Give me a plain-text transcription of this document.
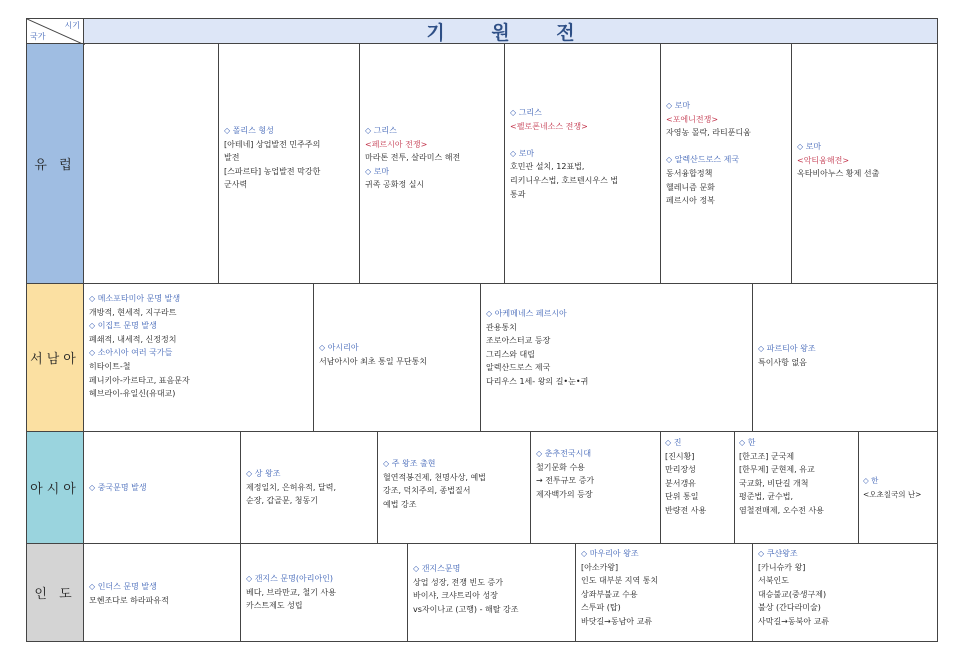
시기
국가	기 원 전
유 럽
서남아
아시아
인 도
◇ 폴리스 형성
[아테네] 상업발전 민주주의
발전
[스파르타] 농업발전 막강한
군사력
◇ 그리스
<페르시아 전쟁>
마라톤 전투, 살라미스 해전
◇ 로마
귀족 공화정 실시
◇ 그리스
<펠로폰네소스 전쟁>

◇ 로마
호민관 설치, 12표법,
리키니우스법, 호르텐시우스 법
통과
◇ 로마
<포에니전쟁>
자영농 몰락, 라티푼디움

◇ 알렉산드로스 제국
동서융합정책
헬레니즘 문화
페르시아 정복
◇ 로마
<악티움해전>
옥타비아누스 황제 선출
◇ 메소포타미아 문명 발생
개방적, 현세적, 지구라트
◇ 이집트 문명 발생
폐쇄적, 내세적, 신정정치
◇ 소아시아 여러 국가들
히타이트-철
페니키아-카르타고, 표음문자
헤브라이-유일신(유대교)
◇ 아시리아
서남아시아 최초 통일 무단통치
◇ 아케메네스 페르시아
관용통치
조로아스터교 등장
그리스와 대립
알렉산드로스 제국
다리우스 1세- 왕의 길•눈•귀
◇ 파르티아 왕조
특이사항 없음
◇ 중국문명 발생
◇ 상 왕조
제정일치, 은허유적, 달력,
순장, 갑골문, 청동기
◇ 주 왕조 출현
혈연적봉건제, 천명사상, 예법
강조, 덕치주의, 종법질서
예법 강조
◇ 춘추전국시대
철기문화 수용
→ 전투규모 증가
제자백가의 등장
◇ 진
[진시황]
만리장성
분서갱유
단위 통일
반량전 사용
◇ 한
[한고조] 군국제
[한무제] 군현제, 유교
국교화, 비단길 개척
평준법, 균수법,
염철전매제, 오수전 사용
◇ 한
<오초칠국의 난>
◇ 인더스 문명 발생
모헨조다로 하라파유적
◇ 갠지스 문명(아리아인)
베다, 브라만교, 철기 사용
카스트제도 성립
◇ 갠지스문명
상업 성장, 전쟁 빈도 증가
바이샤, 크샤트리아 성장
vs자이나교 (고행) - 해탈 강조
◇ 마우리아 왕조
[아소카왕]
인도 대부분 지역 통치
상좌부불교 수용
스투파 (탑)
바닷길→동남아 교류
◇ 쿠샨왕조
[카니슈카 왕]
서북인도
대승불교(중생구제)
불상 (간다라미술)
사막길→동북아 교류
